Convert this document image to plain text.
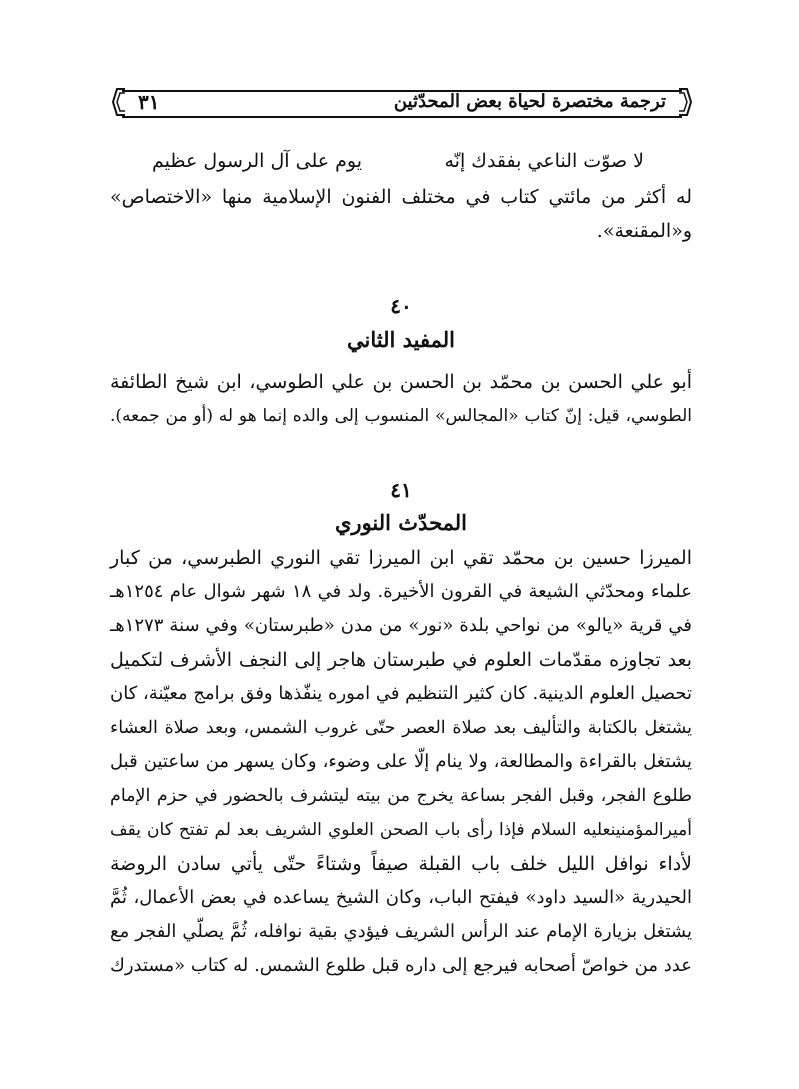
ترجمة مختصرة لحياة بعض المحدّثين
٣١
لا صوّت الناعي بفقدك إنّه
يوم على آل الرسول عظيم
له أكثر من مائتي كتاب في مختلف الفنون الإسلامية منها «الاختصاص»
و«المقنعة».
٤٠
المفيد الثاني
أبو علي الحسن بن محمّد بن الحسن بن علي الطوسي، ابن شيخ الطائفة
الطوسي، قيل: إنّ كتاب «المجالس» المنسوب إلى والده إنما هو له (أو من جمعه).
٤١
المحدّث النوري
الميرزا حسين بن محمّد تقي ابن الميرزا تقي النوري الطبرسي، من كبار
علماء ومحدّثي الشيعة في القرون الأخيرة. ولد في ١٨ شهر شوال عام ١٢٥٤هـ
في قرية «يالو» من نواحي بلدة «نور» من مدن «طبرستان» وفي سنة ١٢٧٣هـ
بعد تجاوزه مقدّمات العلوم في طبرستان هاجر إلى النجف الأشرف لتكميل
تحصيل العلوم الدينية. كان كثير التنظيم في اموره ينفّذها وفق برامج معيّنة، كان
يشتغل بالكتابة والتأليف بعد صلاة العصر حتّى غروب الشمس، وبعد صلاة العشاء
يشتغل بالقراءة والمطالعة، ولا ينام إلّا على وضوء، وكان يسهر من ساعتين قبل
طلوع الفجر، وقبل الفجر بساعة يخرج من بيته ليتشرف بالحضور في حزم الإمام
أميرالمؤمنينعليه السلام فإذا رأى باب الصحن العلوي الشريف بعد لم تفتح كان يقف
لأداء نوافل الليل خلف باب القبلة صيفاً وشتاءً حتّى يأتي سادن الروضة
الحيدرية «السيد داود» فيفتح الباب، وكان الشيخ يساعده في بعض الأعمال، ثُمَّ
يشتغل بزيارة الإمام عند الرأس الشريف فيؤدي بقية نوافله، ثُمَّ يصلّي الفجر مع
عدد من خواصّ أصحابه فيرجع إلى داره قبل طلوع الشمس. له كتاب «مستدرك
